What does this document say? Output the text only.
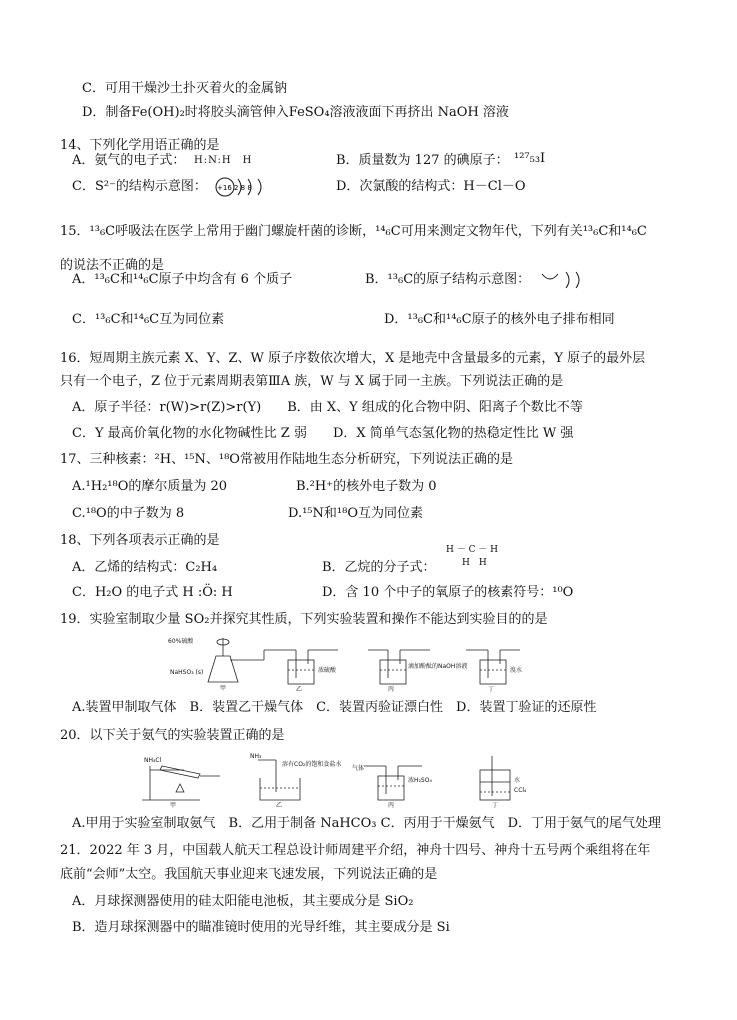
C．可用干燥沙土扑灭着火的金属钠
D．制备Fe(OH)₂时将胶头滴管伸入FeSO₄溶液液面下再挤出 NaOH 溶液
14、下列化学用语正确的是
A．氨气的电子式： H:N:H H	B．质量数为 127 的碘原子： ¹²⁷₅₃I
C．S²⁻的结构示意图： +16 2 8 8	D．次氯酸的结构式：H－Cl－O
15．¹³₆C呼吸法在医学上常用于幽门螺旋杆菌的诊断，¹⁴₆C可用来测定文物年代，下列有关¹³₆C和¹⁴₆C
的说法不正确的是
A．¹³₆C和¹⁴₆C原子中均含有 6 个质子	B．¹³₆C的原子结构示意图：
C．¹³₆C和¹⁴₆C互为同位素	D．¹³₆C和¹⁴₆C原子的核外电子排布相同
16．短周期主族元素 X、Y、Z、W 原子序数依次增大，X 是地壳中含量最多的元素，Y 原子的最外层
只有一个电子，Z 位于元素周期表第ⅢA 族，W 与 X 属于同一主族。下列说法正确的是
A．原子半径：r(W)>r(Z)>r(Y)  B．由 X、Y 组成的化合物中阴、阳离子个数比不等
C．Y 最高价氧化物的水化物碱性比 Z 弱  D．X 简单气态氢化物的热稳定性比 W 强
17、三种核素：²H、¹⁵N、¹⁸O常被用作陆地生态分析研究，下列说法正确的是
A.¹H₂¹⁸O的摩尔质量为 20	B.²H⁺的核外电子数为 0
C.¹⁸O的中子数为 8	D.¹⁵N和¹⁸O互为同位素
18、下列各项表示正确的是
A．乙烯的结构式：C₂H₄	B．乙烷的分子式：
H － C － H
H H
C．H₂O 的电子式 H :Ö: H	D．含 10 个中子的氧原子的核素符号：¹⁰O
19．实验室制取少量 SO₂并探究其性质，下列实验装置和操作不能达到实验目的的是
60%硫酸
NaHSO₃ (s)
甲
浓硫酸
乙
滴加酚酞的NaOH溶液
丙
溴水
丁
A.装置甲制取气体 B．装置乙干燥气体 C．装置丙验证漂白性 D．装置丁验证的还原性
20．以下关于氨气的实验装置正确的是
NH₄Cl
甲
NH₃
溶有CO₂的饱和食盐水
乙
气体
浓H₂SO₄
丙
水
CCl₄
丁
A.甲用于实验室制取氨气 B．乙用于制备 NaHCO₃ C．丙用于干燥氨气 D．丁用于氨气的尾气处理
21．2022 年 3 月，中国载人航天工程总设计师周建平介绍，神舟十四号、神舟十五号两个乘组将在年
底前“会师”太空。我国航天事业迎来飞速发展，下列说法正确的是
A．月球探测器使用的硅太阳能电池板，其主要成分是 SiO₂
B．造月球探测器中的瞄准镜时使用的光导纤维，其主要成分是 Si
